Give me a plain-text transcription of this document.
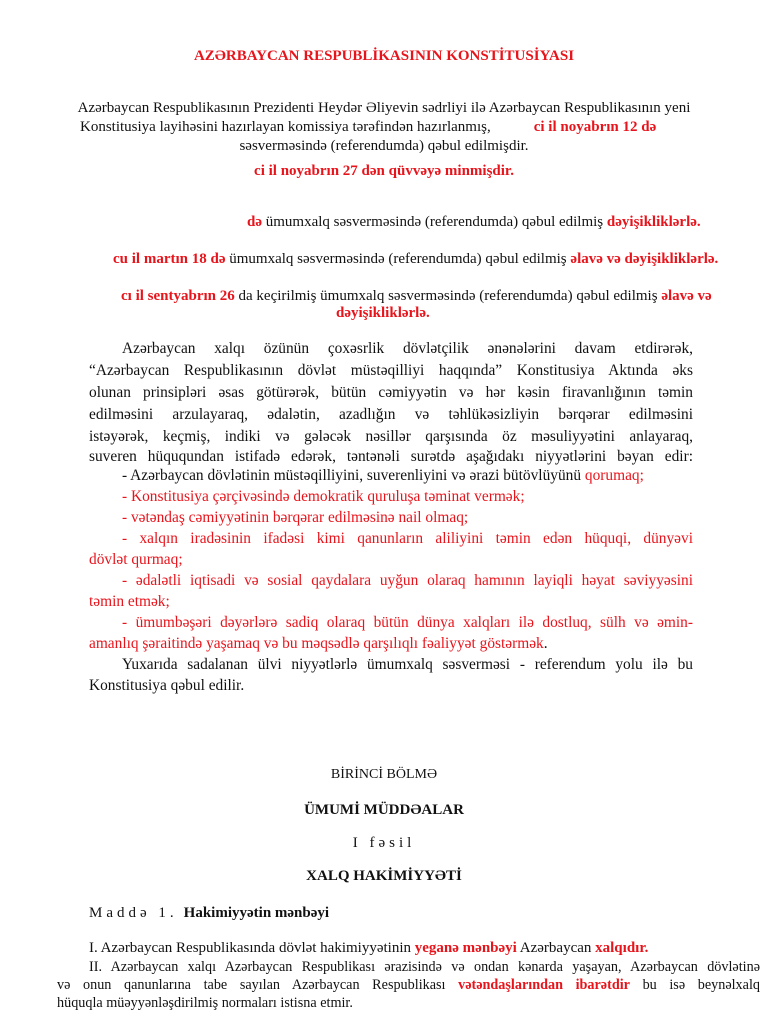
AZƏRBAYCAN RESPUBLİKASININ KONSTİTUSİYASI
Azərbaycan Respublikasının Prezidenti Heydər Əliyevin sədrliyi ilə Azərbaycan Respublikasının yeni
Konstitusiya layihəsini hazırlayan komissiya tərəfindən hazırlanmış,	ci il noyabrın 12 də
səsverməsində (referendumda) qəbul edilmişdir.
ci il noyabrın 27 dən qüvvəyə minmişdir.
də ümumxalq səsverməsində (referendumda) qəbul edilmiş dəyişikliklərlə.
cu il martın 18 də ümumxalq səsverməsində (referendumda) qəbul edilmiş əlavə və dəyişikliklərlə.
cı il sentyabrın 26 da keçirilmiş ümumxalq səsverməsində (referendumda) qəbul edilmiş əlavə və
dəyişikliklərlə.
Azərbaycan xalqı özünün çoxəsrlik dövlətçilik ənənələrini davam etdirərək,
“Azərbaycan Respublikasının dövlət müstəqilliyi haqqında” Konstitusiya Aktında əks
olunan prinsipləri əsas götürərək, bütün cəmiyyətin və hər kəsin firavanlığının təmin
edilməsini arzulayaraq, ədalətin, azadlığın və təhlükəsizliyin bərqərar edilməsini
istəyərək, keçmiş, indiki və gələcək nəsillər qarşısında öz məsuliyyətini anlayaraq,
suveren hüququndan istifadə edərək, təntənəli surətdə aşağıdakı niyyətlərini bəyan edir:
- Azərbaycan dövlətinin müstəqilliyini, suverenliyini və ərazi bütövlüyünü qorumaq;
- Konstitusiya çərçivəsində demokratik quruluşa təminat vermək;
- vətəndaş cəmiyyətinin bərqərar edilməsinə nail olmaq;
- xalqın iradəsinin ifadəsi kimi qanunların aliliyini təmin edən hüquqi, dünyəvi
dövlət qurmaq;
- ədalətli iqtisadi və sosial qaydalara uyğun olaraq hamının layiqli həyat səviyyəsini
təmin etmək;
- ümumbəşəri dəyərlərə sadiq olaraq bütün dünya xalqları ilə dostluq, sülh və əmin-
amanlıq şəraitində yaşamaq və bu məqsədlə qarşılıqlı fəaliyyət göstərmək.
Yuxarıda sadalanan ülvi niyyətlərlə ümumxalq səsverməsi - referendum yolu ilə bu
Konstitusiya qəbul edilir.
BİRİNCİ BÖLMƏ
ÜMUMİ MÜDDƏALAR
I fəsil
XALQ HAKİMİYYƏTİ
Maddə 1. Hakimiyyətin mənbəyi
I. Azərbaycan Respublikasında dövlət hakimiyyətinin yeganə mənbəyi Azərbaycan xalqıdır.
II. Azərbaycan xalqı Azərbaycan Respublikası ərazisində və ondan kənarda yaşayan, Azərbaycan dövlətinə
və onun qanunlarına tabe sayılan Azərbaycan Respublikası vətəndaşlarından ibarətdir bu isə beynəlxalq
hüquqla müəyyənləşdirilmiş normaları istisna etmir.
